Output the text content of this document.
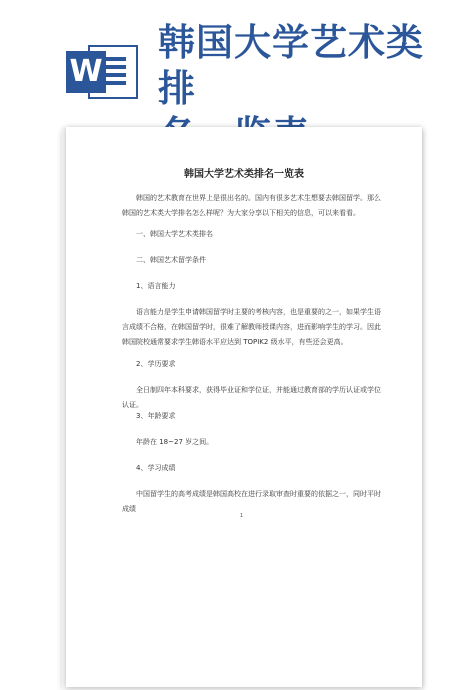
W
韩国大学艺术类排
韩国大学艺术类排名一览表
韩国的艺术教育在世界上是很出名的。国内有很多艺术生想要去韩国留学。那么韩国的艺术类大学排名怎么样呢？为大家分享以下相关的信息，可以来看看。
一、韩国大学艺术类排名
二、韩国艺术留学条件
1、语言能力
语言能力是学生申请韩国留学时主要的考核内容，也是重要的之一，如果学生语言成绩不合格，在韩国留学时，很难了解教师授课内容，进而影响学生的学习。因此韩国院校通常要求学生韩语水平应达到 TOPIK2 级水平，有些还会更高。
2、学历要求
全日制四年本科要求，获得毕业证和学位证，并能通过教育部的学历认证或学位认证。
3、年龄要求
年龄在 18~27 岁之间。
4、学习成绩
中国留学生的高考成绩是韩国高校在进行录取审查时重要的依据之一，同时平时成绩
1
